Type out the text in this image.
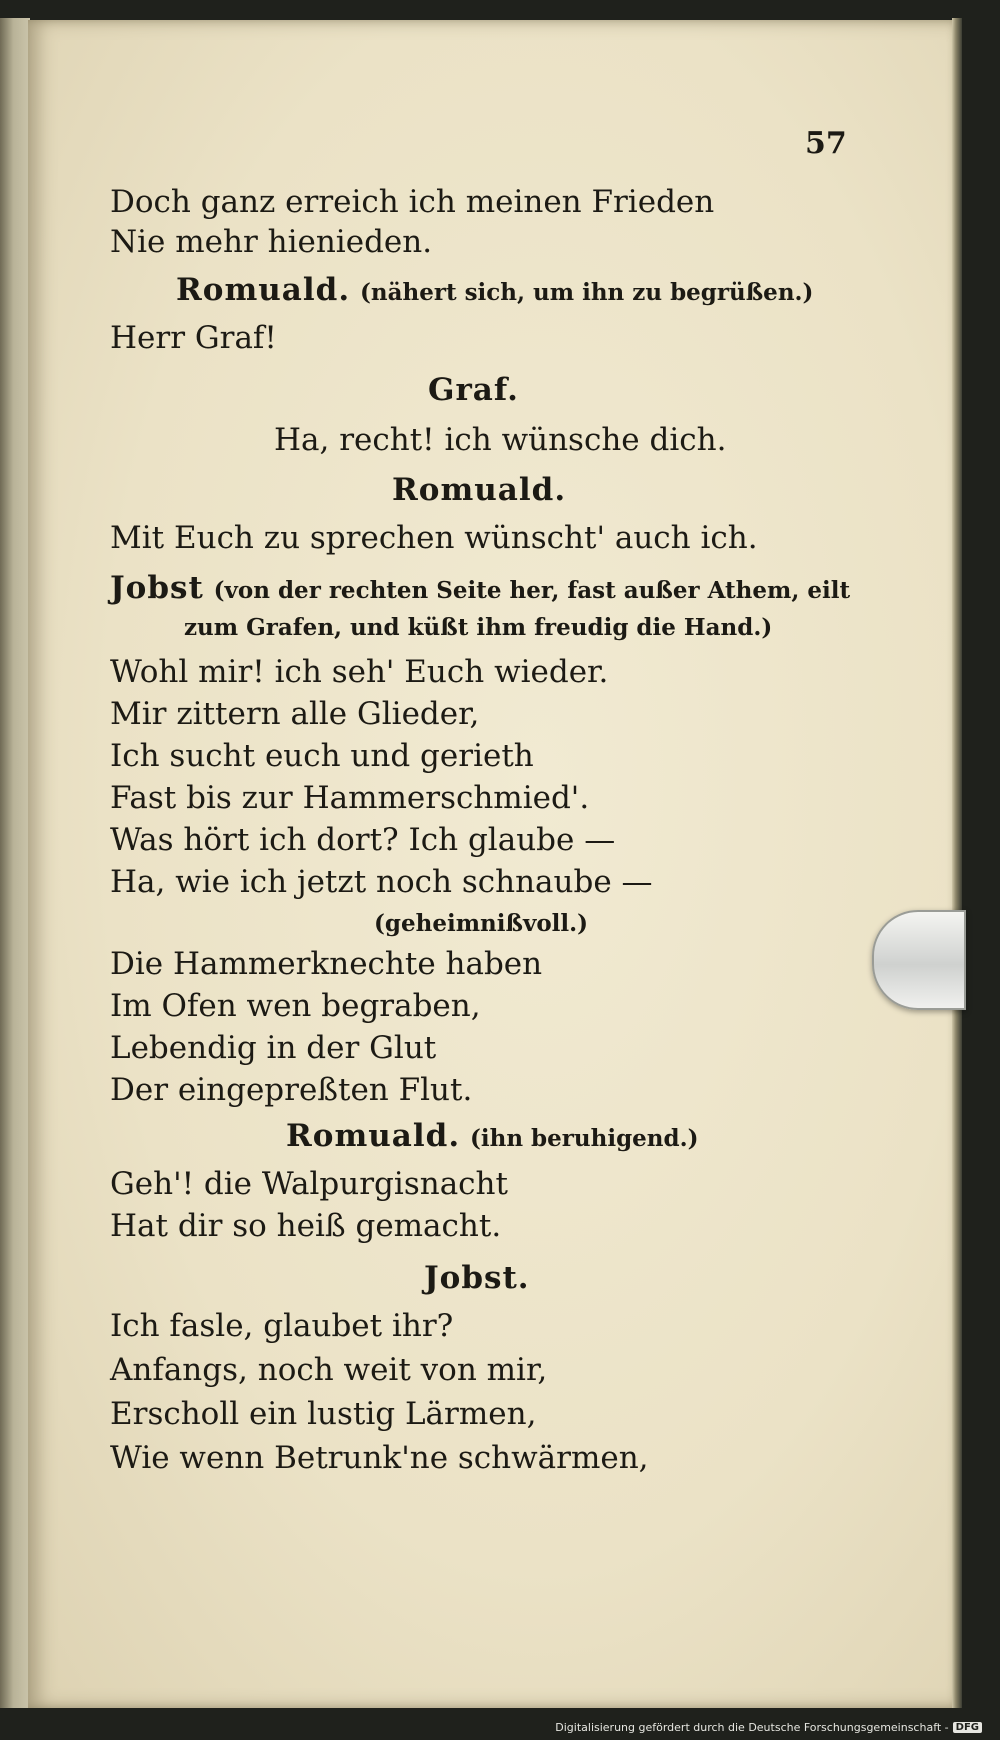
57
Doch ganz erreich ich meinen Frieden
Nie mehr hienieden.
Romuald. (nähert sich, um ihn zu begrüßen.)
Herr Graf!
Graf.
Ha, recht! ich wünsche dich.
Romuald.
Mit Euch zu sprechen wünscht' auch ich.
Jobst (von der rechten Seite her, fast außer Athem, eilt
zum Grafen, und küßt ihm freudig die Hand.)
Wohl mir! ich seh' Euch wieder.
Mir zittern alle Glieder,
Ich sucht euch und gerieth
Fast bis zur Hammerschmied'.
Was hört ich dort? Ich glaube —
Ha, wie ich jetzt noch schnaube —
(geheimnißvoll.)
Die Hammerknechte haben
Im Ofen wen begraben,
Lebendig in der Glut
Der eingepreßten Flut.
Romuald. (ihn beruhigend.)
Geh'! die Walpurgisnacht
Hat dir so heiß gemacht.
Jobst.
Ich fasle, glaubet ihr?
Anfangs, noch weit von mir,
Erscholl ein lustig Lärmen,
Wie wenn Betrunk'ne schwärmen,
Digitalisierung gefördert durch die Deutsche Forschungsgemeinschaft - DFG
